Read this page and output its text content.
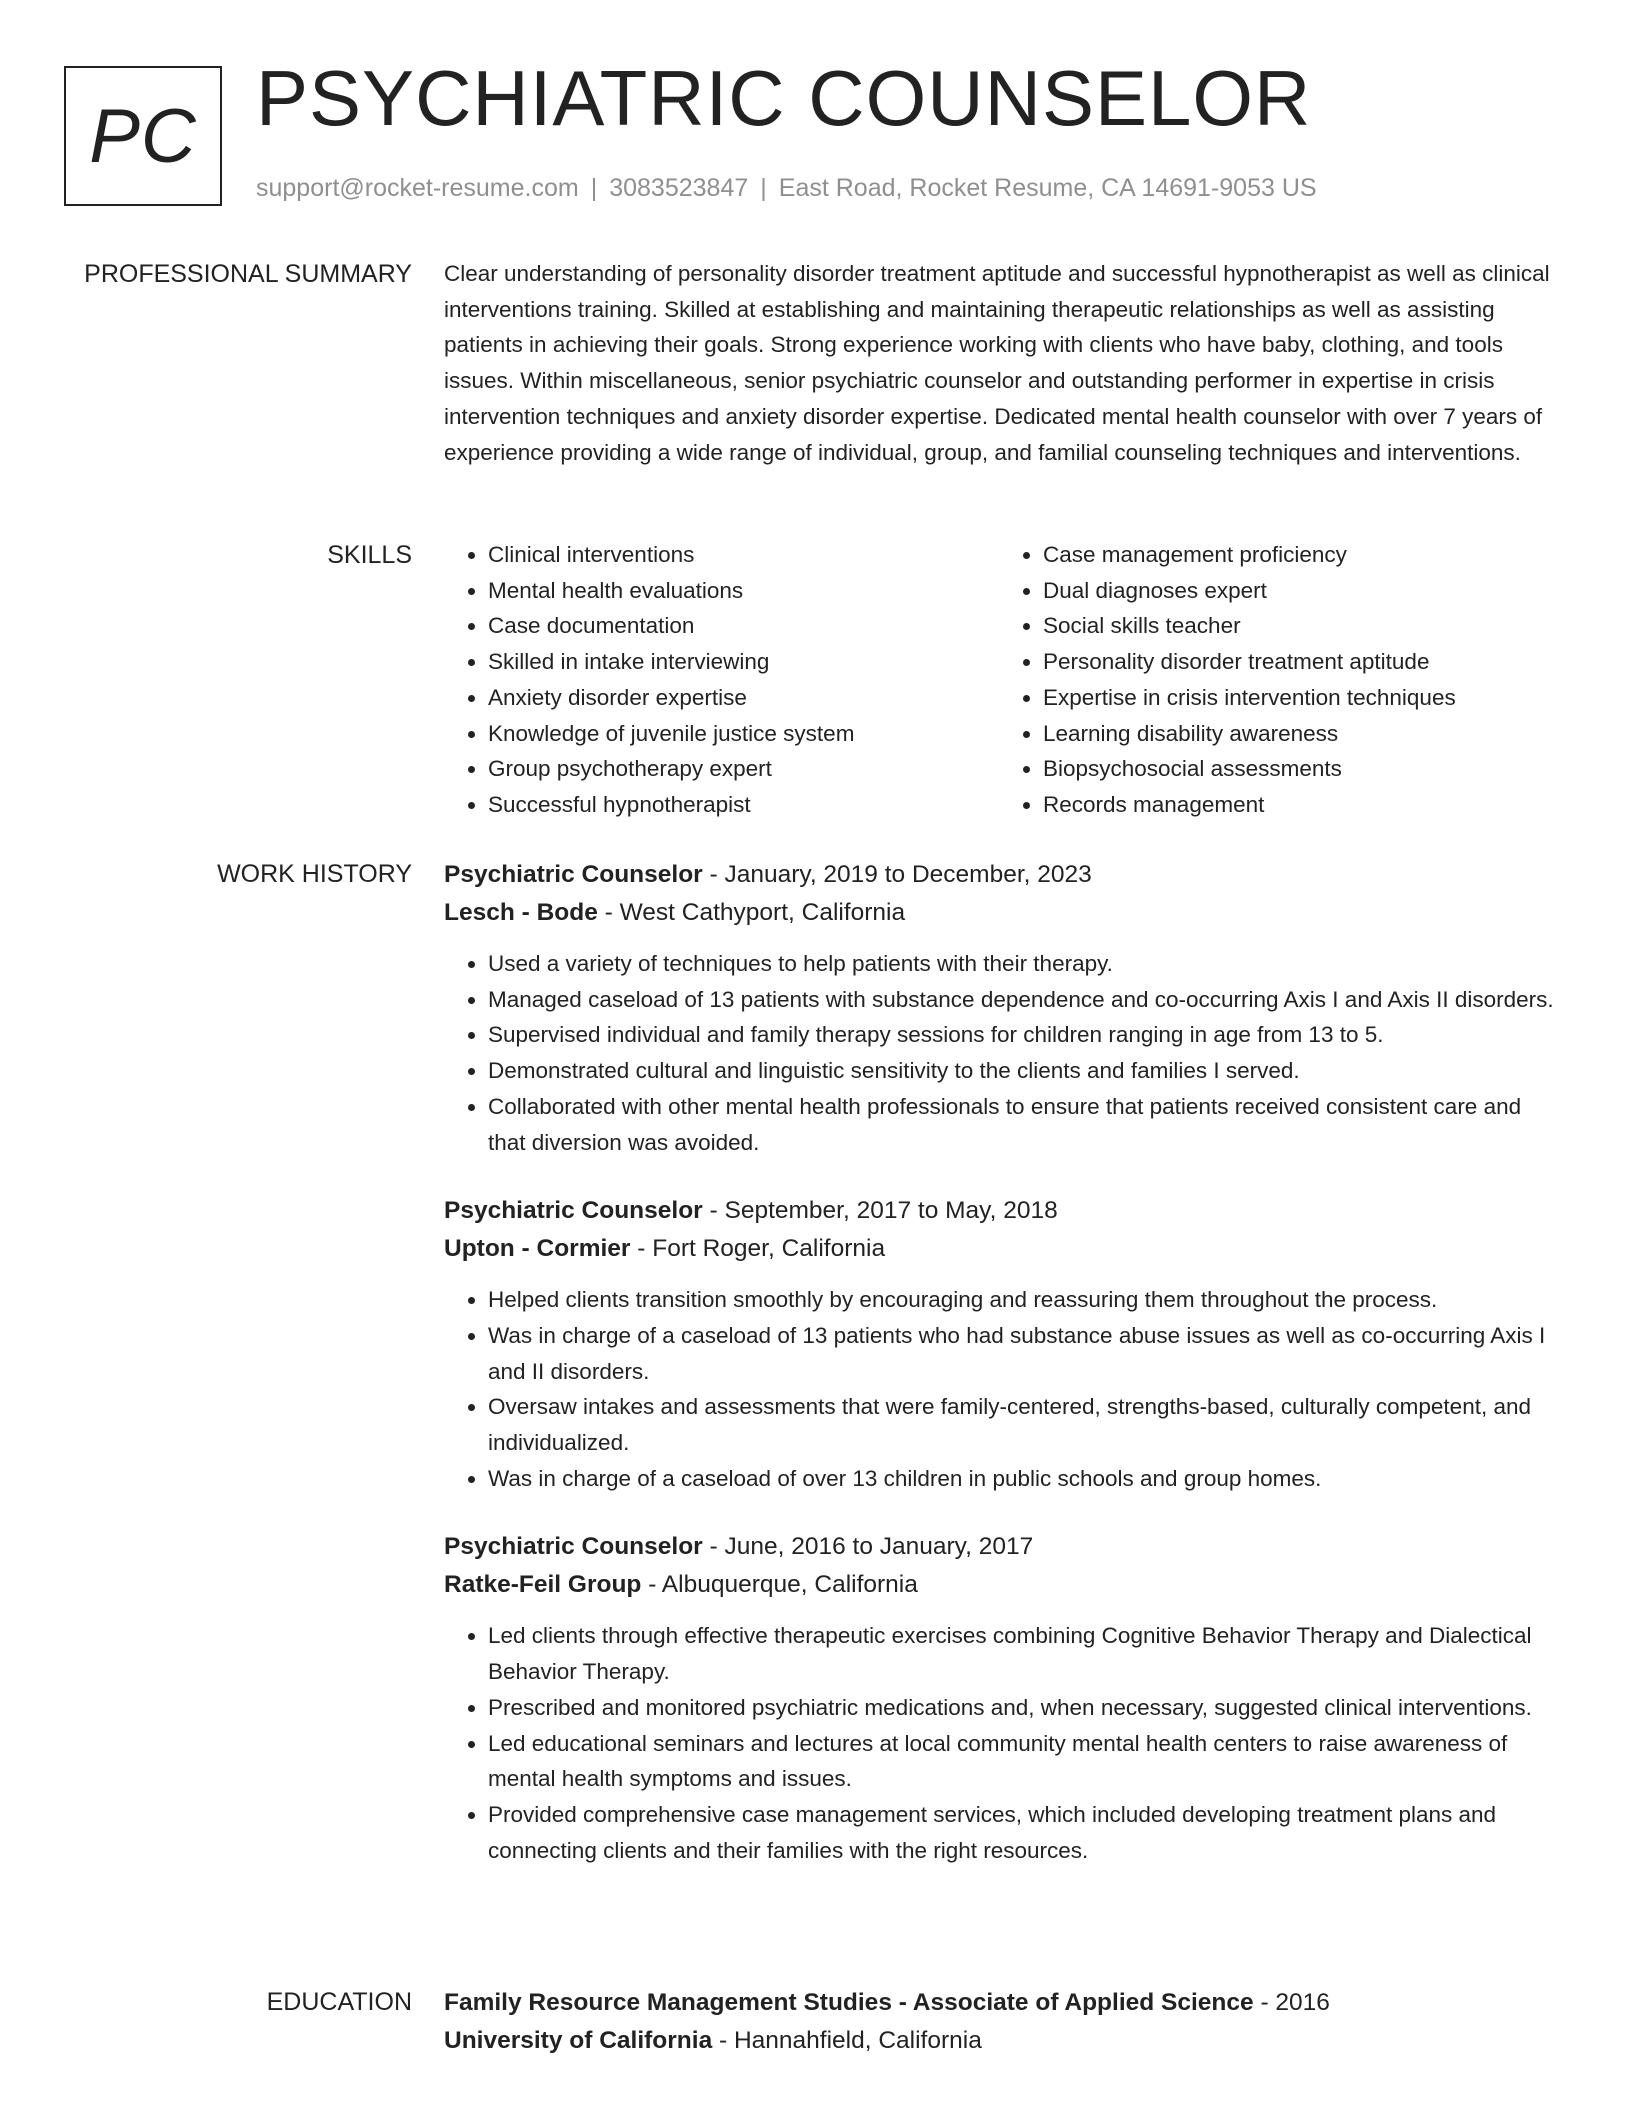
PC PSYCHIATRIC COUNSELOR
support@rocket-resume.com | 3083523847 | East Road, Rocket Resume, CA 14691-9053 US
PROFESSIONAL SUMMARY Clear understanding of personality disorder treatment aptitude and successful hypnotherapist as well as clinical interventions training. Skilled at establishing and maintaining therapeutic relationships as well as assisting patients in achieving their goals. Strong experience working with clients who have baby, clothing, and tools issues. Within miscellaneous, senior psychiatric counselor and outstanding performer in expertise in crisis intervention techniques and anxiety disorder expertise. Dedicated mental health counselor with over 7 years of experience providing a wide range of individual, group, and familial counseling techniques and interventions.
SKILLS
•	Clinical interventions
• Mental health evaluations
• Case documentation
• Skilled in intake interviewing
• Anxiety disorder expertise
• Knowledge of juvenile justice system
• Group psychotherapy expert
• Successful hypnotherapist
• Case management proficiency
• Dual diagnoses expert
• Social skills teacher
• Personality disorder treatment aptitude
• Expertise in crisis intervention techniques
• Learning disability awareness
• Biopsychosocial assessments
• Records management
WORK HISTORY Psychiatric Counselor - January, 2019 to December, 2023
Lesch - Bode - West Cathyport, California
• Used a variety of techniques to help patients with their therapy.
• Managed caseload of 13 patients with substance dependence and co-occurring Axis I and Axis II disorders.
• Supervised individual and family therapy sessions for children ranging in age from 13 to 5.
• Demonstrated cultural and linguistic sensitivity to the clients and families I served.
• Collaborated with other mental health professionals to ensure that patients received consistent care and that diversion was avoided.
Psychiatric Counselor - September, 2017 to May, 2018
Upton - Cormier - Fort Roger, California
• Helped clients transition smoothly by encouraging and reassuring them throughout the process.
• Was in charge of a caseload of 13 patients who had substance abuse issues as well as co-occurring Axis I and II disorders.
• Oversaw intakes and assessments that were family-centered, strengths-based, culturally competent, and individualized.
• Was in charge of a caseload of over 13 children in public schools and group homes.
Psychiatric Counselor - June, 2016 to January, 2017
Ratke-Feil Group - Albuquerque, California
• Led clients through effective therapeutic exercises combining Cognitive Behavior Therapy and Dialectical Behavior Therapy.
• Prescribed and monitored psychiatric medications and, when necessary, suggested clinical interventions.
• Led educational seminars and lectures at local community mental health centers to raise awareness of mental health symptoms and issues.
• Provided comprehensive case management services, which included developing treatment plans and connecting clients and their families with the right resources.
EDUCATION Family Resource Management Studies - Associate of Applied Science - 2016
University of California - Hannahfield, California
